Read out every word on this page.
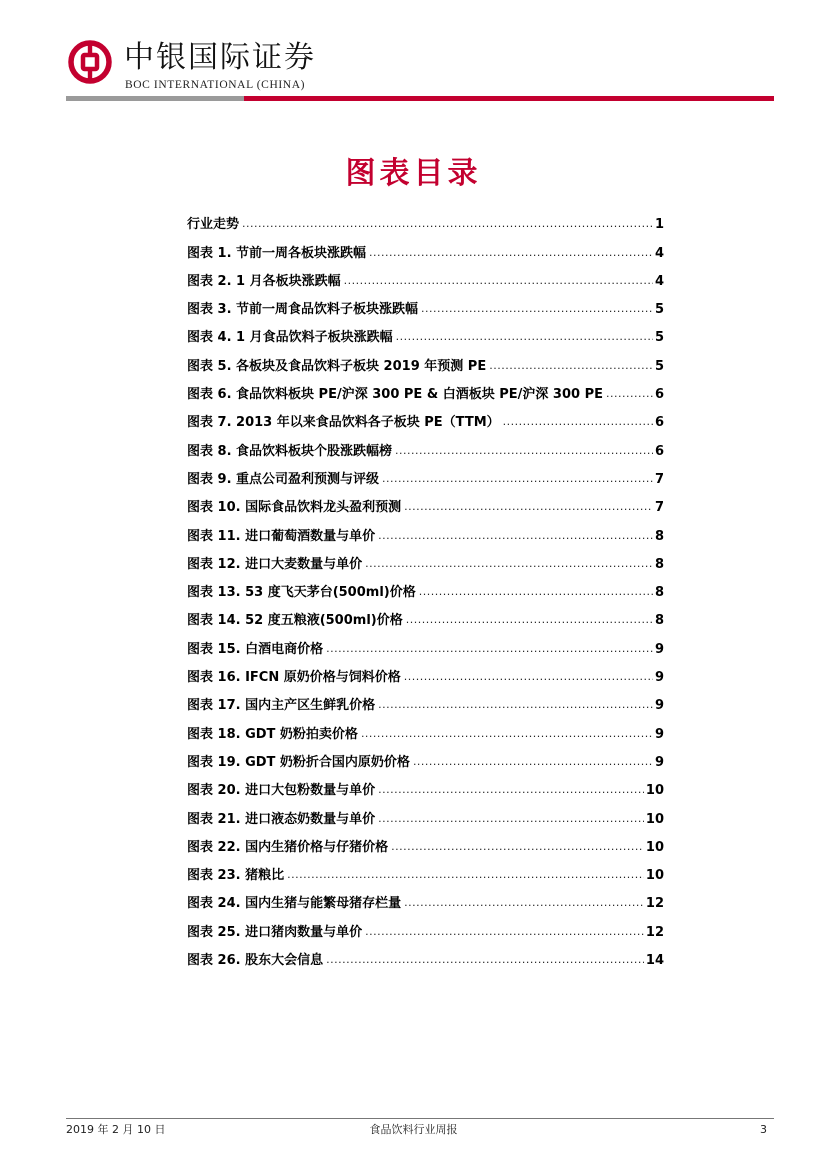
中银国际证券
BOC INTERNATIONAL (CHINA)
图表目录
行业走势 .....	1
图表 1. 节前一周各板块涨跌幅 .....	4
图表 2. 1 月各板块涨跌幅 .....	4
图表 3. 节前一周食品饮料子板块涨跌幅 .....	5
图表 4. 1 月食品饮料子板块涨跌幅 .....	5
图表 5. 各板块及食品饮料子板块 2019 年预测 PE .....	5
图表 6. 食品饮料板块 PE/沪深 300 PE & 白酒板块 PE/沪深 300 PE .....	6
图表 7. 2013 年以来食品饮料各子板块 PE（TTM） .....	6
图表 8. 食品饮料板块个股涨跌幅榜 .....	6
图表 9. 重点公司盈利预测与评级 .....	7
图表 10. 国际食品饮料龙头盈利预测 .....	7
图表 11. 进口葡萄酒数量与单价 .....	8
图表 12. 进口大麦数量与单价 .....	8
图表 13. 53 度飞天茅台(500ml)价格 .....	8
图表 14. 52 度五粮液(500ml)价格 .....	8
图表 15. 白酒电商价格 .....	9
图表 16. IFCN 原奶价格与饲料价格 .....	9
图表 17. 国内主产区生鲜乳价格 .....	9
图表 18. GDT 奶粉拍卖价格 .....	9
图表 19. GDT 奶粉折合国内原奶价格 .....	9
图表 20. 进口大包粉数量与单价 .....	10
图表 21. 进口液态奶数量与单价 .....	10
图表 22. 国内生猪价格与仔猪价格 .....	10
图表 23. 猪粮比 .....	10
图表 24. 国内生猪与能繁母猪存栏量 .....	12
图表 25. 进口猪肉数量与单价 .....	12
图表 26. 股东大会信息 .....	14
2019 年 2 月 10 日	食品饮料行业周报	3
